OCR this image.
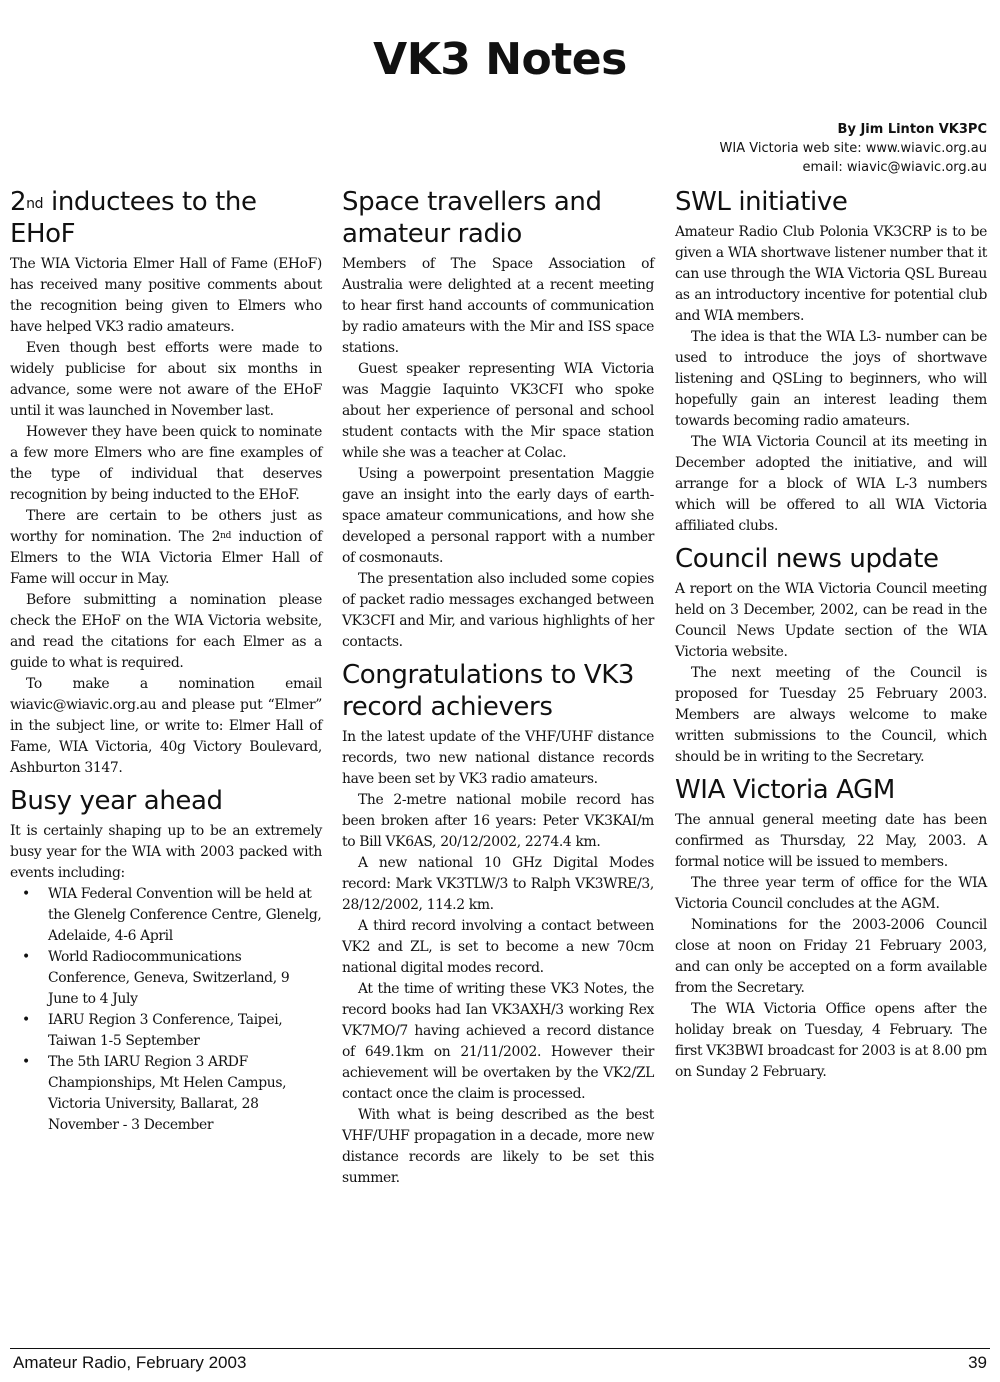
VK3 Notes
By Jim Linton VK3PC
WIA Victoria web site: www.wiavic.org.au
email: wiavic@wiavic.org.au
2nd inductees to the EHoF

The WIA Victoria Elmer Hall of Fame (EHoF) has received many positive comments about the recognition being given to Elmers who have helped VK3 radio amateurs.

Even though best efforts were made to widely publicise for about six months in advance, some were not aware of the EHoF until it was launched in November last.

However they have been quick to nominate a few more Elmers who are fine examples of the type of individual that deserves recognition by being inducted to the EHoF.

There are certain to be others just as worthy for nomination. The 2nd induction of Elmers to the WIA Victoria Elmer Hall of Fame will occur in May.

Before submitting a nomination please check the EHoF on the WIA Victoria website, and read the citations for each Elmer as a guide to what is required.

To make a nomination email wiavic@wiavic.org.au and please put “Elmer” in the subject line, or write to: Elmer Hall of Fame, WIA Victoria, 40g Victory Boulevard, Ashburton 3147.

Busy year ahead

It is certainly shaping up to be an extremely busy year for the WIA with 2003 packed with events including:

• WIA Federal Convention will be held at the Glenelg Conference Centre, Glenelg, Adelaide, 4-6 April
• World Radiocommunications Conference, Geneva, Switzerland, 9 June to 4 July
• IARU Region 3 Conference, Taipei, Taiwan 1-5 September
• The 5th IARU Region 3 ARDF Championships, Mt Helen Campus, Victoria University, Ballarat, 28 November - 3 December
Space travellers and amateur radio

Members of The Space Association of Australia were delighted at a recent meeting to hear first hand accounts of communication by radio amateurs with the Mir and ISS space stations.

Guest speaker representing WIA Victoria was Maggie Iaquinto VK3CFI who spoke about her experience of personal and school student contacts with the Mir space station while she was a teacher at Colac.

Using a powerpoint presentation Maggie gave an insight into the early days of earth-space amateur communications, and how she developed a personal rapport with a number of cosmonauts.

The presentation also included some copies of packet radio messages exchanged between VK3CFI and Mir, and various highlights of her contacts.

Congratulations to VK3 record achievers

In the latest update of the VHF/UHF distance records, two new national distance records have been set by VK3 radio amateurs.

The 2-metre national mobile record has been broken after 16 years: Peter VK3KAI/m to Bill VK6AS, 20/12/2002, 2274.4 km.

A new national 10 GHz Digital Modes record: Mark VK3TLW/3 to Ralph VK3WRE/3, 28/12/2002, 114.2 km.

A third record involving a contact between VK2 and ZL, is set to become a new 70cm national digital modes record.

At the time of writing these VK3 Notes, the record books had Ian VK3AXH/3 working Rex VK7MO/7 having achieved a record distance of 649.1km on 21/11/2002. However their achievement will be overtaken by the VK2/ZL contact once the claim is processed.

With what is being described as the best VHF/UHF propagation in a decade, more new distance records are likely to be set this summer.

SWL initiative

Amateur Radio Club Polonia VK3CRP is to be given a WIA shortwave listener number that it can use through the WIA Victoria QSL Bureau as an introductory incentive for potential club and WIA members.

The idea is that the WIA L3- number can be used to introduce the joys of shortwave listening and QSLing to beginners, who will hopefully gain an interest leading them towards becoming radio amateurs.

The WIA Victoria Council at its meeting in December adopted the initiative, and will arrange for a block of WIA L-3 numbers which will be offered to all WIA Victoria affiliated clubs.

Council news update

A report on the WIA Victoria Council meeting held on 3 December, 2002, can be read in the Council News Update section of the WIA Victoria website.

The next meeting of the Council is proposed for Tuesday 25 February 2003. Members are always welcome to make written submissions to the Council, which should be in writing to the Secretary.

WIA Victoria AGM

The annual general meeting date has been confirmed as Thursday, 22 May, 2003. A formal notice will be issued to members.

The three year term of office for the WIA Victoria Council concludes at the AGM.

Nominations for the 2003-2006 Council close at noon on Friday 21 February 2003, and can only be accepted on a form available from the Secretary.

The WIA Victoria Office opens after the holiday break on Tuesday, 4 February. The first VK3BWI broadcast for 2003 is at 8.00 pm on Sunday 2 February.

Amateur Radio, February 2003	39
